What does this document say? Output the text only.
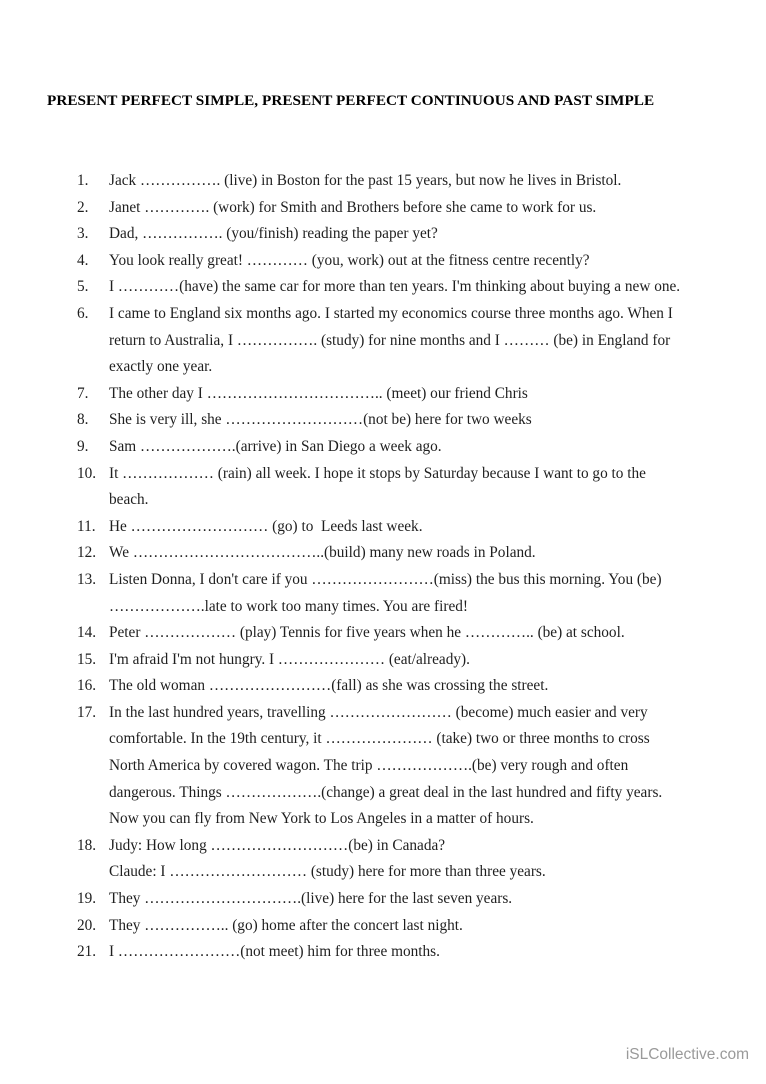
PRESENT PERFECT SIMPLE, PRESENT PERFECT CONTINUOUS AND PAST SIMPLE
1.	Jack ……………. (live) in Boston for the past 15 years, but now he lives in Bristol.
2.	Janet …………. (work) for Smith and Brothers before she came to work for us.
3.	Dad, ……………. (you/finish) reading the paper yet?
4.	You look really great! ………… (you, work) out at the fitness centre recently?
5.	I …………(have) the same car for more than ten years. I'm thinking about buying a new one.
6.	I came to England six months ago. I started my economics course three months ago. When I
return to Australia, I ……………. (study) for nine months and I ……… (be) in England for
exactly one year.
7.	The other day I …………………………….. (meet) our friend Chris
8.	She is very ill, she ………………………(not be) here for two weeks
9.	Sam ……………….(arrive) in San Diego a week ago.
10. It ……………… (rain) all week. I hope it stops by Saturday because I want to go to the
beach.
11. He ……………………… (go) to  Leeds last week.
12. We ………………………………..(build) many new roads in Poland.
13. Listen Donna, I don't care if you ……………………(miss) the bus this morning. You (be)
……………….late to work too many times. You are fired!
14. Peter ……………… (play) Tennis for five years when he ………….. (be) at school.
15. I'm afraid I'm not hungry. I ………………… (eat/already).
16. The old woman ……………………(fall) as she was crossing the street.
17. In the last hundred years, travelling …………………… (become) much easier and very
comfortable. In the 19th century, it ………………… (take) two or three months to cross
North America by covered wagon. The trip ……………….(be) very rough and often
dangerous. Things ……………….(change) a great deal in the last hundred and fifty years.
Now you can fly from New York to Los Angeles in a matter of hours.
18. Judy: How long ………………………(be) in Canada?
Claude: I ……………………… (study) here for more than three years.
19. They ………………………….(live) here for the last seven years.
20. They …………….. (go) home after the concert last night.
21. I ……………………(not meet) him for three months.
iSLCollective.com
